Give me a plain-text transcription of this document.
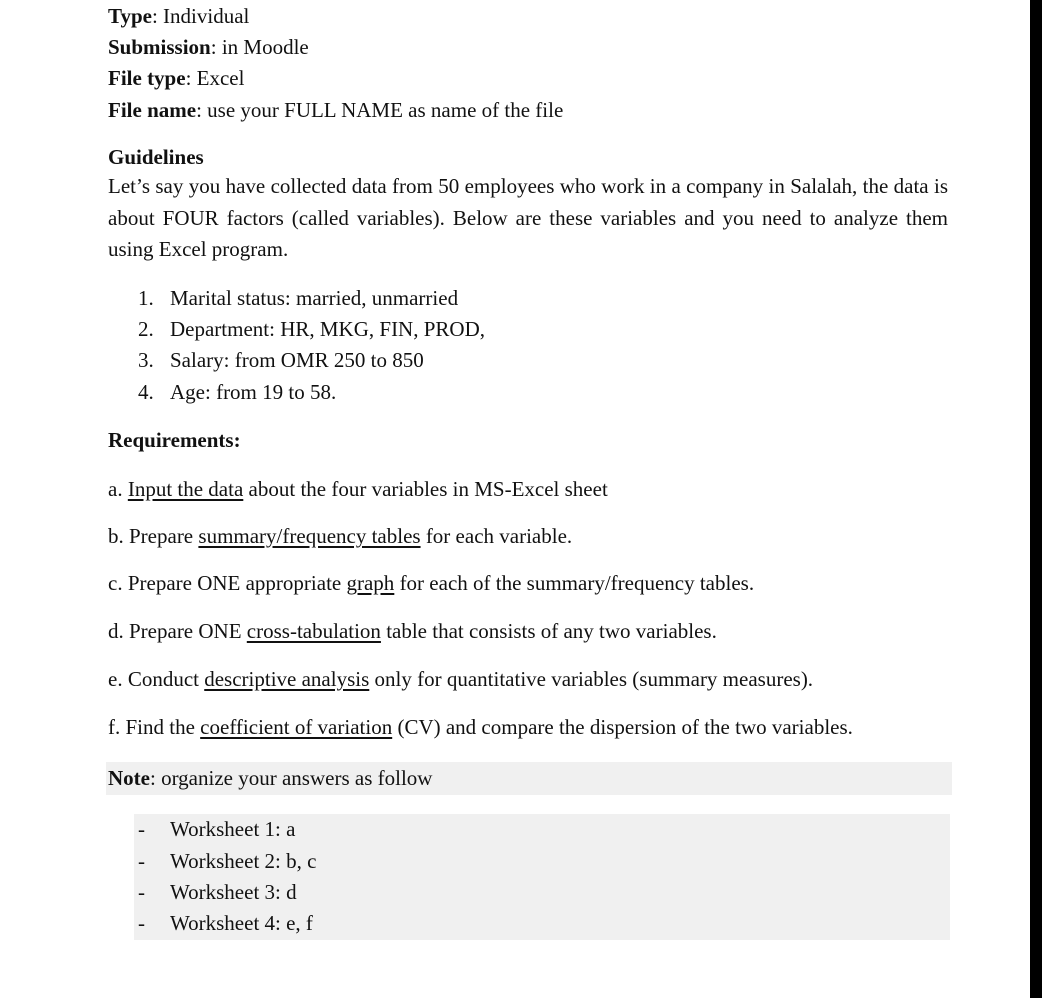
Type: Individual
Submission: in Moodle
File type: Excel
File name: use your FULL NAME as name of the file
Guidelines
Let’s say you have collected data from 50 employees who work in a company in Salalah, the data is about FOUR factors (called variables). Below are these variables and you need to analyze them using Excel program.
1. Marital status: married, unmarried
2. Department: HR, MKG, FIN, PROD,
3. Salary: from OMR 250 to 850
4. Age: from 19 to 58.
Requirements:
a. Input the data about the four variables in MS-Excel sheet
b. Prepare summary/frequency tables for each variable.
c. Prepare ONE appropriate graph for each of the summary/frequency tables.
d. Prepare ONE cross-tabulation table that consists of any two variables.
e. Conduct descriptive analysis only for quantitative variables (summary measures).
f. Find the coefficient of variation (CV) and compare the dispersion of the two variables.
Note: organize your answers as follow
- Worksheet 1: a
- Worksheet 2: b, c
- Worksheet 3: d
- Worksheet 4: e, f
